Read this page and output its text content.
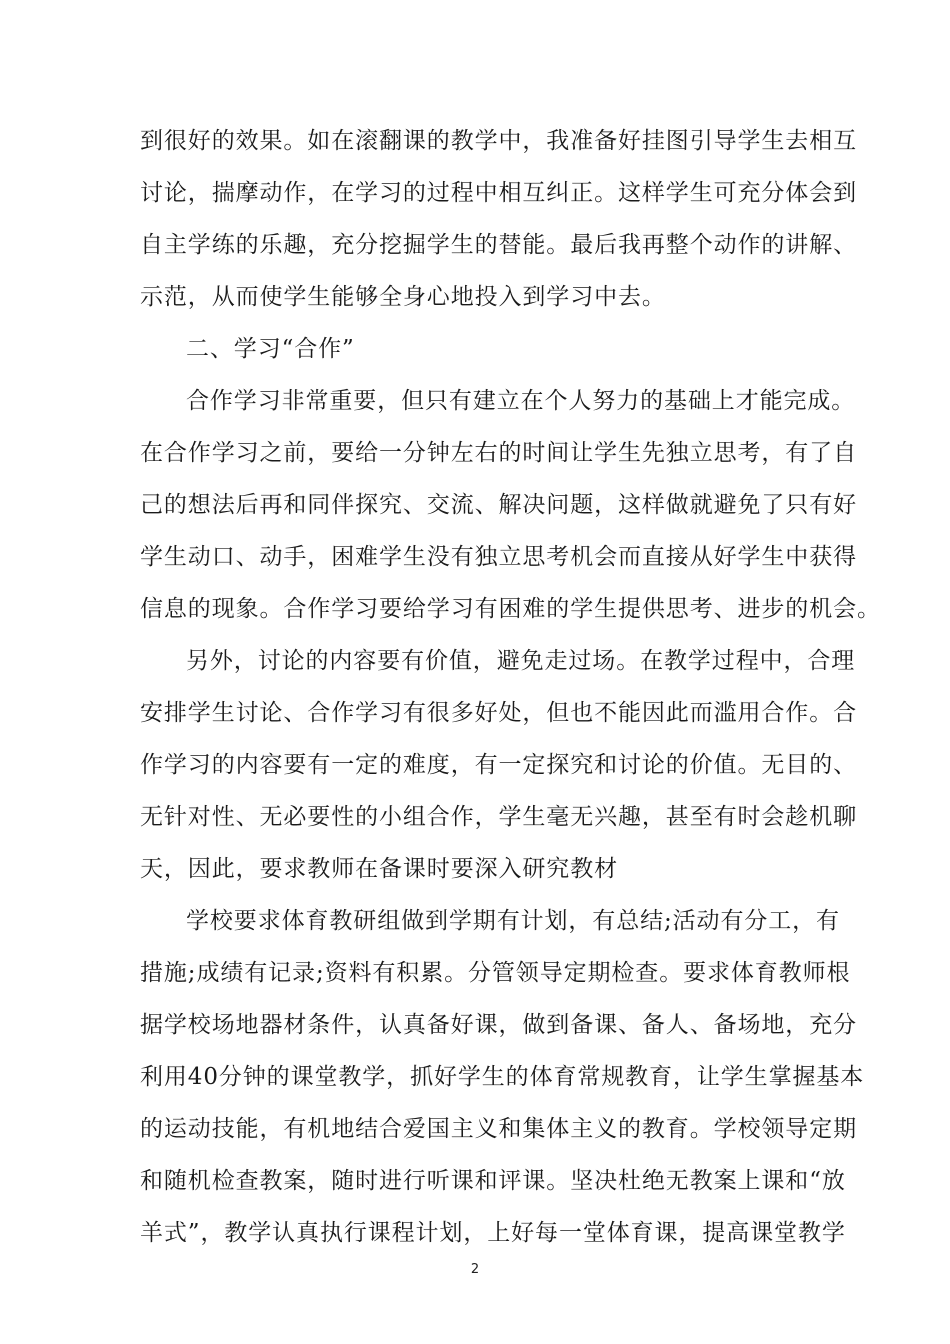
到很好的效果。如在滚翻课的教学中，我准备好挂图引导学生去相互
讨论，揣摩动作，在学习的过程中相互纠正。这样学生可充分体会到
自主学练的乐趣，充分挖掘学生的替能。最后我再整个动作的讲解、
示范，从而使学生能够全身心地投入到学习中去。
二、学习“合作”
合作学习非常重要，但只有建立在个人努力的基础上才能完成。
在合作学习之前，要给一分钟左右的时间让学生先独立思考，有了自
己的想法后再和同伴探究、交流、解决问题，这样做就避免了只有好
学生动口、动手，困难学生没有独立思考机会而直接从好学生中获得
信息的现象。合作学习要给学习有困难的学生提供思考、进步的机会。
另外，讨论的内容要有价值，避免走过场。在教学过程中，合理
安排学生讨论、合作学习有很多好处，但也不能因此而滥用合作。合
作学习的内容要有一定的难度，有一定探究和讨论的价值。无目的、
无针对性、无必要性的小组合作，学生毫无兴趣，甚至有时会趁机聊
天，因此，要求教师在备课时要深入研究教材
学校要求体育教研组做到学期有计划，有总结;活动有分工，有
措施;成绩有记录;资料有积累。分管领导定期检查。要求体育教师根
据学校场地器材条件，认真备好课，做到备课、备人、备场地，充分
利用40分钟的课堂教学，抓好学生的体育常规教育，让学生掌握基本
的运动技能，有机地结合爱国主义和集体主义的教育。学校领导定期
和随机检查教案，随时进行听课和评课。坚决杜绝无教案上课和“放
羊式”，教学认真执行课程计划，上好每一堂体育课，提高课堂教学
2
